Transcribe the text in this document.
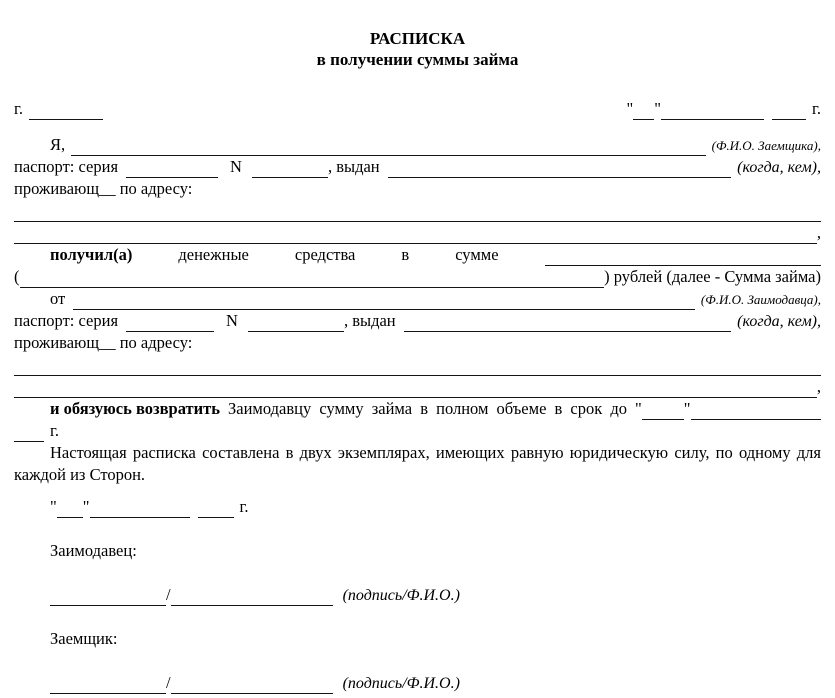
РАСПИСКА
в получении суммы займа
г.	" "	г.
Я,	(Ф.И.О. Заемщика),
паспорт: серия	N	, выдан	(когда, кем),
проживающ__ по адресу:
,
получил(а)	денежные	средства	в	сумме
(	) рублей (далее - Сумма займа)
от	(Ф.И.О. Заимодавца),
паспорт: серия	N	, выдан	(когда, кем),
проживающ__ по адресу:
,
и обязуюсь возвратить Заимодавцу сумму займа в полном объеме в срок до "	"
г.

Настоящая расписка составлена в двух экземплярах, имеющих равную юридическую силу, по одному для каждой из Сторон.

" "	г.
Заимодавец:
/	(подпись/Ф.И.О.)
Заемщик:
/	(подпись/Ф.И.О.)
